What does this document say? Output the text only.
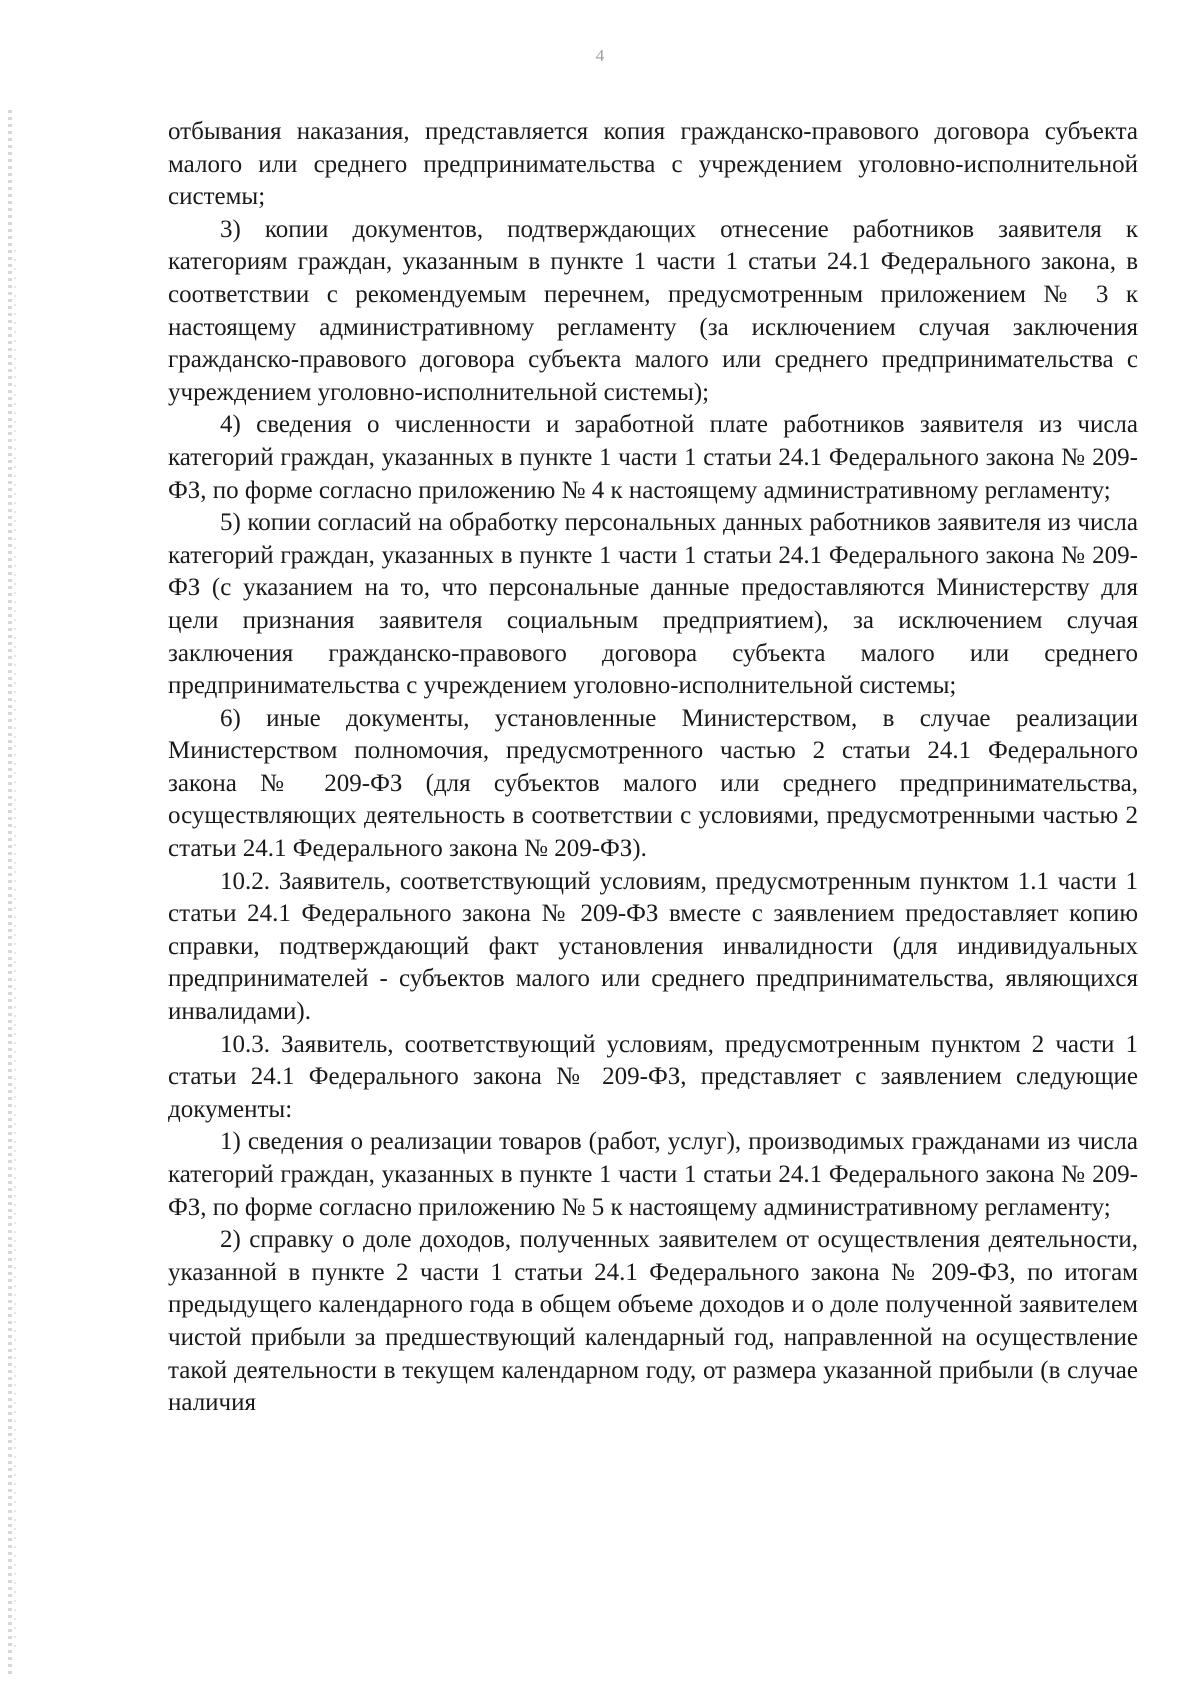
4

отбывания наказания, представляется копия гражданско-правового договора субъекта малого или среднего предпринимательства с учреждением уголовно-исполнительной системы;

3) копии документов, подтверждающих отнесение работников заявителя к категориям граждан, указанным в пункте 1 части 1 статьи 24.1 Федерального закона, в соответствии с рекомендуемым перечнем, предусмотренным приложением № 3 к настоящему административному регламенту (за исключением случая заключения гражданско-правового договора субъекта малого или среднего предпринимательства с учреждением уголовно-исполнительной системы);

4) сведения о численности и заработной плате работников заявителя из числа категорий граждан, указанных в пункте 1 части 1 статьи 24.1 Федерального закона № 209-ФЗ, по форме согласно приложению № 4 к настоящему административному регламенту;

5) копии согласий на обработку персональных данных работников заявителя из числа категорий граждан, указанных в пункте 1 части 1 статьи 24.1 Федерального закона № 209-ФЗ (с указанием на то, что персональные данные предоставляются Министерству для цели признания заявителя социальным предприятием), за исключением случая заключения гражданско-правового договора субъекта малого или среднего предпринимательства с учреждением уголовно-исполнительной системы;

6) иные документы, установленные Министерством, в случае реализации Министерством полномочия, предусмотренного частью 2 статьи 24.1 Федерального закона № 209-ФЗ (для субъектов малого или среднего предпринимательства, осуществляющих деятельность в соответствии с условиями, предусмотренными частью 2 статьи 24.1 Федерального закона № 209-ФЗ).

10.2. Заявитель, соответствующий условиям, предусмотренным пунктом 1.1 части 1 статьи 24.1 Федерального закона № 209-ФЗ вместе с заявлением предоставляет копию справки, подтверждающий факт установления инвалидности (для индивидуальных предпринимателей - субъектов малого или среднего предпринимательства, являющихся инвалидами).

10.3. Заявитель, соответствующий условиям, предусмотренным пунктом 2 части 1 статьи 24.1 Федерального закона № 209-ФЗ, представляет с заявлением следующие документы:

1) сведения о реализации товаров (работ, услуг), производимых гражданами из числа категорий граждан, указанных в пункте 1 части 1 статьи 24.1 Федерального закона № 209-ФЗ, по форме согласно приложению № 5 к настоящему административному регламенту;

2) справку о доле доходов, полученных заявителем от осуществления деятельности, указанной в пункте 2 части 1 статьи 24.1 Федерального закона № 209-ФЗ, по итогам предыдущего календарного года в общем объеме доходов и о доле полученной заявителем чистой прибыли за предшествующий календарный год, направленной на осуществление такой деятельности в текущем календарном году, от размера указанной прибыли (в случае наличия
